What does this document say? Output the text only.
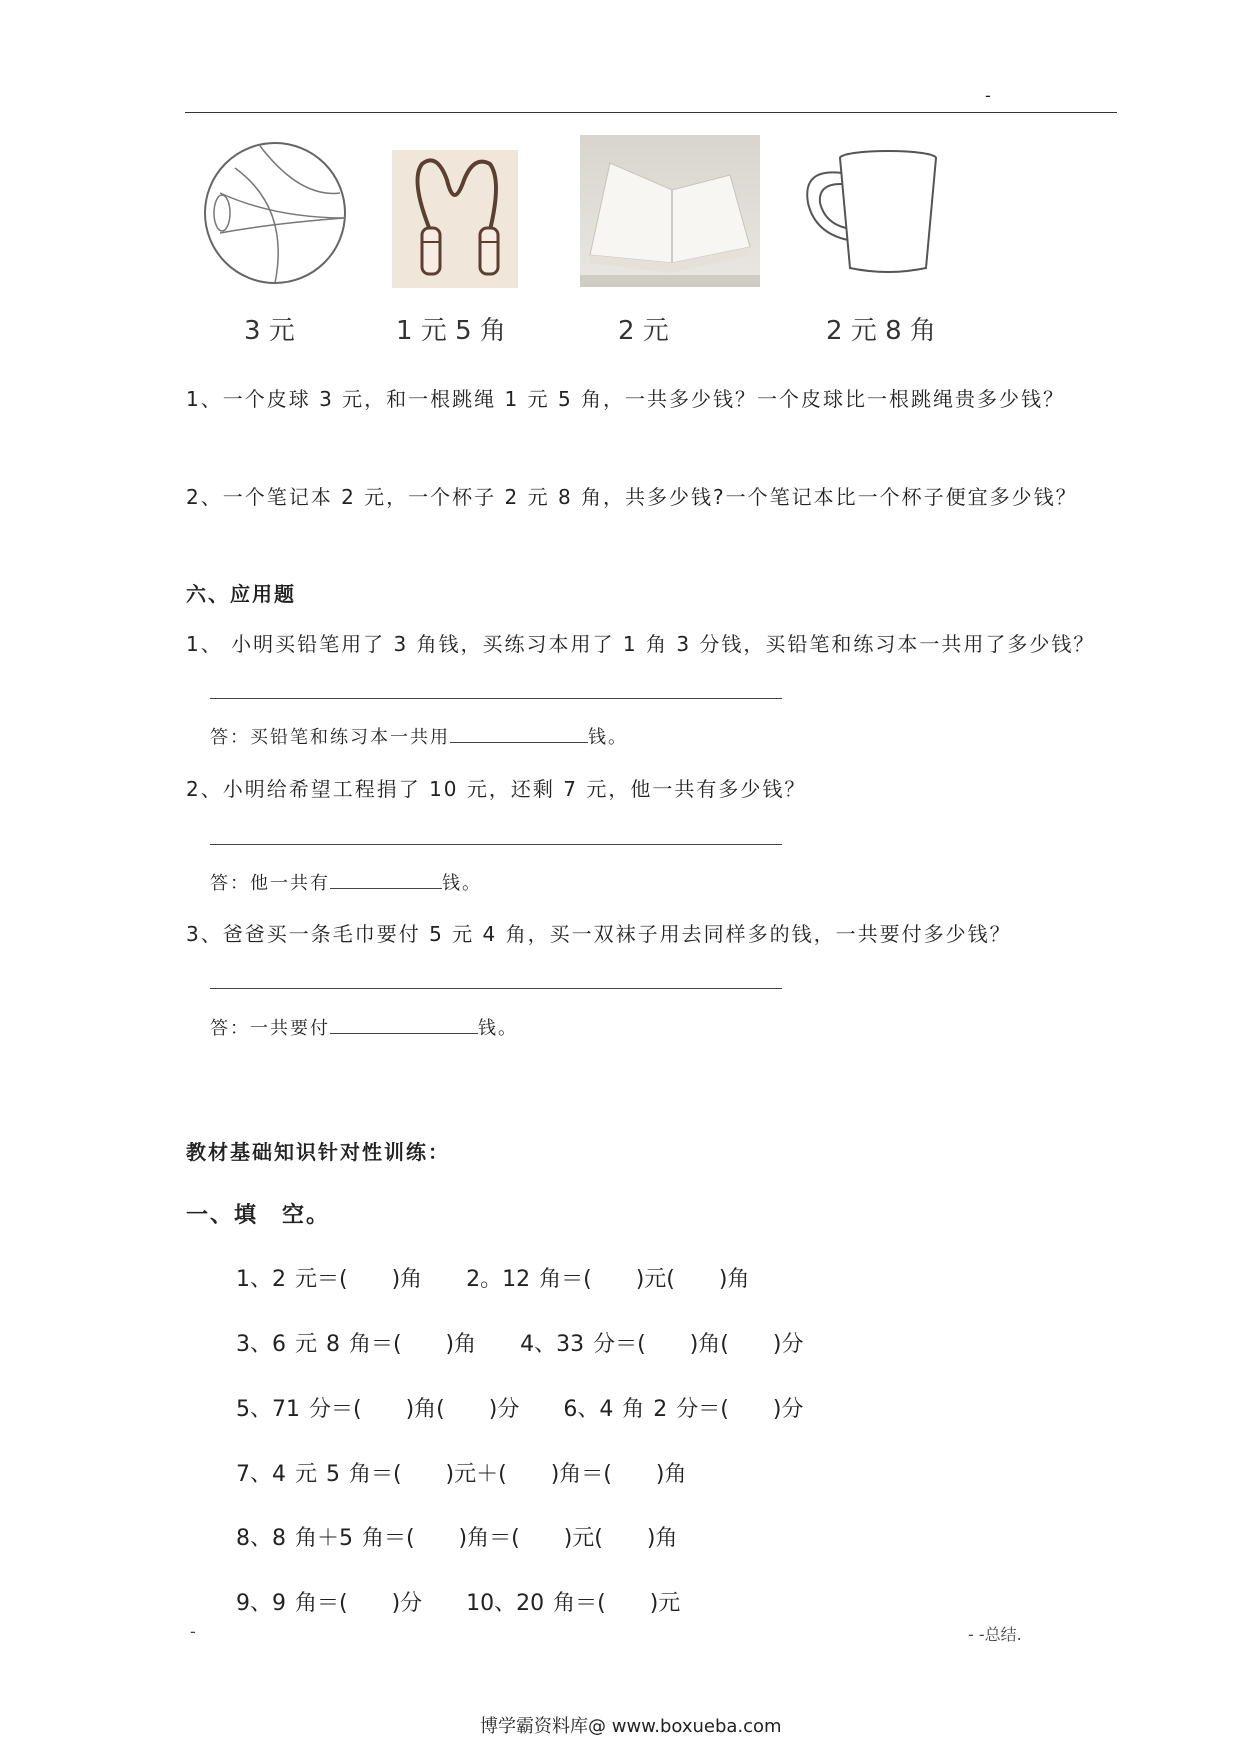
-
3 元	1 元 5 角	2 元	2 元 8 角
1、一个皮球 3 元，和一根跳绳 1 元 5 角，一共多少钱？一个皮球比一根跳绳贵多少钱？
2、一个笔记本 2 元，一个杯子 2 元 8 角，共多少钱?一个笔记本比一个杯子便宜多少钱？
六、应用题
1、 小明买铅笔用了 3 角钱，买练习本用了 1 角 3 分钱，买铅笔和练习本一共用了多少钱？
答：买铅笔和练习本一共用	钱。
2、小明给希望工程捐了 10 元，还剩 7 元，他一共有多少钱？
答：他一共有	钱。
3、爸爸买一条毛巾要付 5 元 4 角，买一双袜子用去同样多的钱，一共要付多少钱？
答：一共要付	钱。
教材基础知识针对性训练：
一、填　空。
1、2 元＝(　　)角　　2。12 角＝(　　)元(　　)角
3、6 元 8 角＝(　　)角　　4、33 分＝(　　)角(　　)分
5、71 分＝(　　)角(　　)分　　6、4 角 2 分＝(　　)分
7、4 元 5 角＝(　　)元＋(　　)角＝(　　)角
8、8 角＋5 角＝(　　)角＝(　　)元(　　)角
9、9 角＝(　　)分　　10、20 角＝(　　)元
-	- -总结.
博学霸资料库@ www.boxueba.com
